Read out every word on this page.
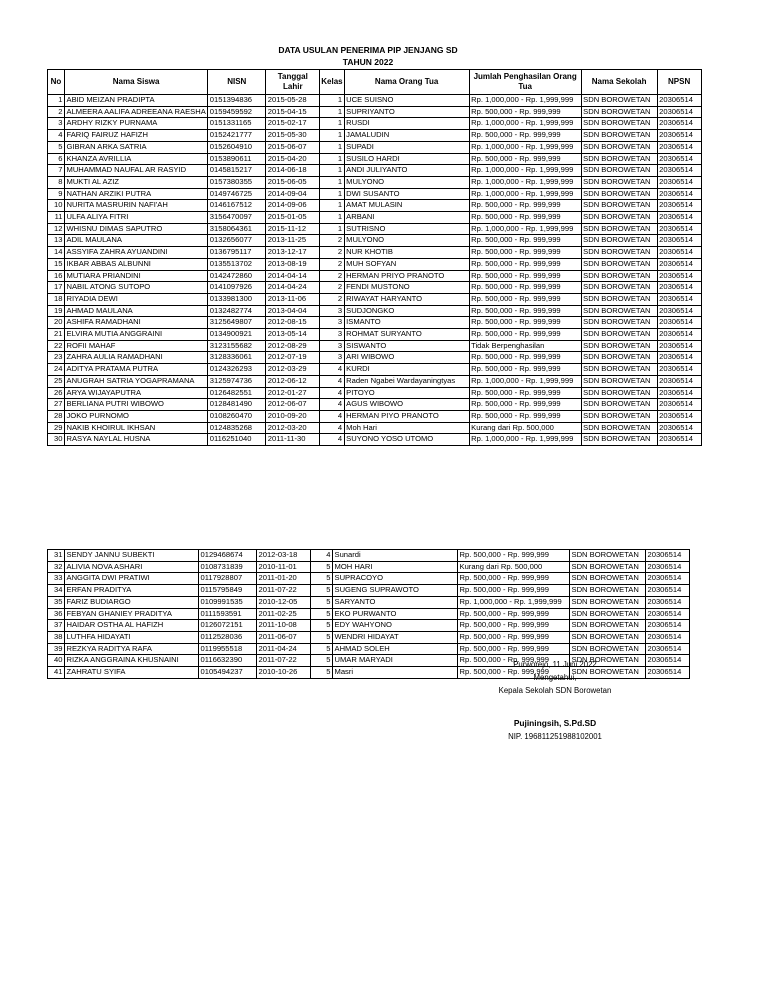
DATA USULAN PENERIMA PIP JENJANG SD
TAHUN 2022
No	Nama Siswa	NISN	Tanggal Lahir	Kelas	Nama Orang Tua	Jumlah Penghasilan Orang Tua	Nama Sekolah	NPSN
1	ABID MEIZAN PRADIPTA	0151394836	2015-05-28	1	UCE SUISNO	Rp. 1,000,000 - Rp. 1,999,999	SDN BOROWETAN	20306514
2	ALMEERA AALIFA ADREEANA RAESHA	0159459592	2015-04-15	1	SUPRIYANTO	Rp. 500,000 - Rp. 999,999	SDN BOROWETAN	20306514
3	ARDHY RIZKY PURNAMA	0151331165	2015-02-17	1	RUSDI	Rp. 1,000,000 - Rp. 1,999,999	SDN BOROWETAN	20306514
4	FARIQ FAIRUZ HAFIZH	0152421777	2015-05-30	1	JAMALUDIN	Rp. 500,000 - Rp. 999,999	SDN BOROWETAN	20306514
5	GIBRAN ARKA SATRIA	0152604910	2015-06-07	1	SUPADI	Rp. 1,000,000 - Rp. 1,999,999	SDN BOROWETAN	20306514
6	KHANZA AVRILLIA	0153890611	2015-04-20	1	SUSILO HARDI	Rp. 500,000 - Rp. 999,999	SDN BOROWETAN	20306514
7	MUHAMMAD NAUFAL AR RASYID	0145815217	2014-06-18	1	ANDI JULIYANTO	Rp. 1,000,000 - Rp. 1,999,999	SDN BOROWETAN	20306514
8	MUKTI AL AZIZ	0157380355	2015-06-05	1	MULYONO	Rp. 1,000,000 - Rp. 1,999,999	SDN BOROWETAN	20306514
9	NATHAN ARZIKI PUTRA	0149746725	2014-09-04	1	DWI SUSANTO	Rp. 1,000,000 - Rp. 1,999,999	SDN BOROWETAN	20306514
10	NURITA MASRURIN NAFI'AH	0146167512	2014-09-06	1	AMAT MULASIN	Rp. 500,000 - Rp. 999,999	SDN BOROWETAN	20306514
11	ULFA ALIYA FITRI	3156470097	2015-01-05	1	ARBANI	Rp. 500,000 - Rp. 999,999	SDN BOROWETAN	20306514
12	WHISNU DIMAS SAPUTRO	3158064361	2015-11-12	1	SUTRISNO	Rp. 1,000,000 - Rp. 1,999,999	SDN BOROWETAN	20306514
13	ADIL MAULANA	0132656077	2013-11-25	2	MULYONO	Rp. 500,000 - Rp. 999,999	SDN BOROWETAN	20306514
14	ASSYIFA ZAHRA AYUANDINI	0136795117	2013-12-17	2	NUR KHOTIB	Rp. 500,000 - Rp. 999,999	SDN BOROWETAN	20306514
15	IKBAR ABBAS ALBUNNI	0135513702	2013-08-19	2	MUH SOFYAN	Rp. 500,000 - Rp. 999,999	SDN BOROWETAN	20306514
16	MUTIARA PRIANDINI	0142472860	2014-04-14	2	HERMAN PRIYO PRANOTO	Rp. 500,000 - Rp. 999,999	SDN BOROWETAN	20306514
17	NABIL ATONG SUTOPO	0141097926	2014-04-24	2	FENDI MUSTONO	Rp. 500,000 - Rp. 999,999	SDN BOROWETAN	20306514
18	RIYADIA DEWI	0133981300	2013-11-06	2	RIWAYAT HARYANTO	Rp. 500,000 - Rp. 999,999	SDN BOROWETAN	20306514
19	AHMAD MAULANA	0132482774	2013-04-04	3	SUDJONGKO	Rp. 500,000 - Rp. 999,999	SDN BOROWETAN	20306514
20	ASHIFA RAMADHANI	3125649807	2012-08-15	3	ISMANTO	Rp. 500,000 - Rp. 999,999	SDN BOROWETAN	20306514
21	ELVIRA MUTIA ANGGRAINI	0134900921	2013-05-14	3	ROHMAT SURYANTO	Rp. 500,000 - Rp. 999,999	SDN BOROWETAN	20306514
22	ROFII MAHAF	3123155682	2012-08-29	3	SISWANTO	Tidak Berpenghasilan	SDN BOROWETAN	20306514
23	ZAHRA AULIA RAMADHANI	3128336061	2012-07-19	3	ARI WIBOWO	Rp. 500,000 - Rp. 999,999	SDN BOROWETAN	20306514
24	ADITYA PRATAMA PUTRA	0124326293	2012-03-29	4	KURDI	Rp. 500,000 - Rp. 999,999	SDN BOROWETAN	20306514
25	ANUGRAH SATRIA YOGAPRAMANA	3125974736	2012-06-12	4	Raden Ngabei Wardayaningtyas	Rp. 1,000,000 - Rp. 1,999,999	SDN BOROWETAN	20306514
26	ARYA WIJAYAPUTRA	0126482551	2012-01-27	4	PITOYO	Rp. 500,000 - Rp. 999,999	SDN BOROWETAN	20306514
27	BERLIANA PUTRI WIBOWO	0128481490	2012-06-07	4	AGUS WIBOWO	Rp. 500,000 - Rp. 999,999	SDN BOROWETAN	20306514
28	JOKO PURNOMO	0108260470	2010-09-20	4	HERMAN PIYO PRANOTO	Rp. 500,000 - Rp. 999,999	SDN BOROWETAN	20306514
29	NAKIB KHOIRUL IKHSAN	0124835268	2012-03-20	4	Moh Hari	Kurang dari Rp. 500,000	SDN BOROWETAN	20306514
30	RASYA NAYLAL HUSNA	0116251040	2011-11-30	4	SUYONO YOSO UTOMO	Rp. 1,000,000 - Rp. 1,999,999	SDN BOROWETAN	20306514
31	SENDY JANNU SUBEKTI	0129468674	2012-03-18	4	Sunardi	Rp. 500,000 - Rp. 999,999	SDN BOROWETAN	20306514
32	ALIVIA NOVA ASHARI	0108731839	2010-11-01	5	MOH HARI	Kurang dari Rp. 500,000	SDN BOROWETAN	20306514
33	ANGGITA DWI PRATIWI	0117928807	2011-01-20	5	SUPRACOYO	Rp. 500,000 - Rp. 999,999	SDN BOROWETAN	20306514
34	ERFAN PRADITYA	0115795849	2011-07-22	5	SUGENG SUPRAWOTO	Rp. 500,000 - Rp. 999,999	SDN BOROWETAN	20306514
35	FARIZ BUDIARGO	0109991535	2010-12-05	5	SARYANTO	Rp. 1,000,000 - Rp. 1,999,999	SDN BOROWETAN	20306514
36	FEBYAN GHANIEY PRADITYA	0111593591	2011-02-25	5	EKO PURWANTO	Rp. 500,000 - Rp. 999,999	SDN BOROWETAN	20306514
37	HAIDAR OSTHA AL HAFIZH	0126072151	2011-10-08	5	EDY WAHYONO	Rp. 500,000 - Rp. 999,999	SDN BOROWETAN	20306514
38	LUTHFA HIDAYATI	0112528036	2011-06-07	5	WENDRI HIDAYAT	Rp. 500,000 - Rp. 999,999	SDN BOROWETAN	20306514
39	REZKYA RADITYA RAFA	0119955518	2011-04-24	5	AHMAD SOLEH	Rp. 500,000 - Rp. 999,999	SDN BOROWETAN	20306514
40	RIZKA ANGGRAINA KHUSNAINI	0116632390	2011-07-22	5	UMAR MARYADI	Rp. 500,000 - Rp. 999,999	SDN BOROWETAN	20306514
41	ZAHRATU SYIFA	0105494237	2010-10-26	5	Masri	Rp. 500,000 - Rp. 999,999	SDN BOROWETAN	20306514
Purworejo, 11 Juni 2022
Mengetahui,
Kepala Sekolah SDN Borowetan
Pujiningsih, S.Pd.SD
NIP. 196811251988102001
